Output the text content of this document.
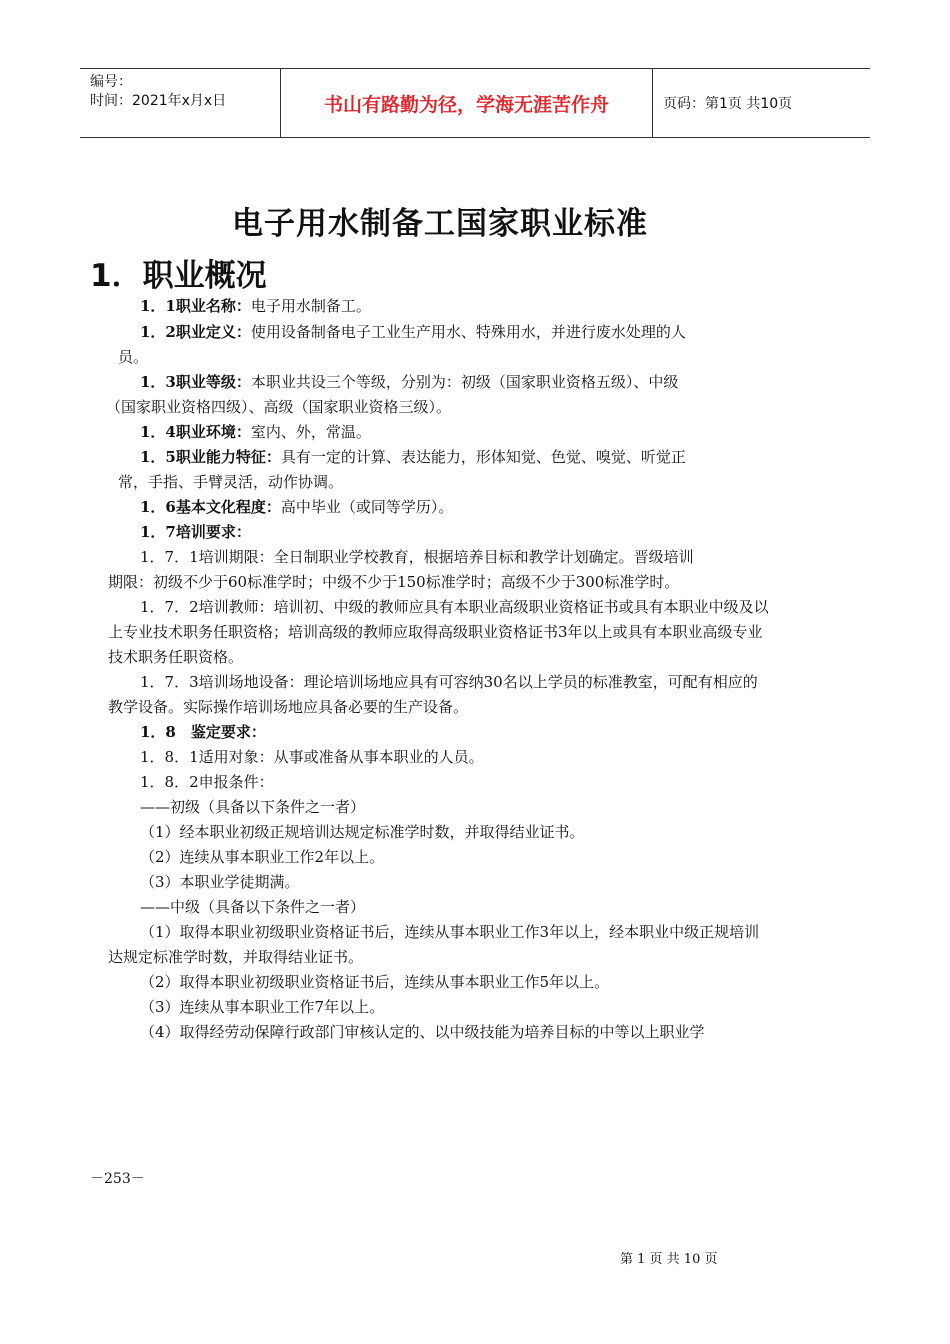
编号：
时间：2021年x月x日	书山有路勤为径，学海无涯苦作舟	页码：第1页 共10页
电子用水制备工国家职业标准
1．职业概况
1．1职业名称：电子用水制备工。
1．2职业定义：使用设备制备电子工业生产用水、特殊用水，并进行废水处理的人
员。
1．3职业等级：本职业共设三个等级，分别为：初级（国家职业资格五级）、中级
（国家职业资格四级）、高级（国家职业资格三级）。
1．4职业环境：室内、外，常温。
1．5职业能力特征：具有一定的计算、表达能力，形体知觉、色觉、嗅觉、听觉正
常，手指、手臂灵活，动作协调。
1．6基本文化程度：高中毕业（或同等学历）。
1．7培训要求：
1．7．1培训期限：全日制职业学校教育，根据培养目标和教学计划确定。晋级培训
期限：初级不少于60标准学时；中级不少于150标准学时；高级不少于300标准学时。
1．7．2培训教师：培训初、中级的教师应具有本职业高级职业资格证书或具有本职业中级及以
上专业技术职务任职资格；培训高级的教师应取得高级职业资格证书3年以上或具有本职业高级专业
技术职务任职资格。
1．7．3培训场地设备：理论培训场地应具有可容纳30名以上学员的标准教室，可配有相应的
教学设备。实际操作培训场地应具备必要的生产设备。
1．8　鉴定要求：
1．8．1适用对象：从事或准备从事本职业的人员。
1．8．2申报条件：
——初级（具备以下条件之一者）
（1）经本职业初级正规培训达规定标准学时数，并取得结业证书。
（2）连续从事本职业工作2年以上。
（3）本职业学徒期满。
——中级（具备以下条件之一者）
（1）取得本职业初级职业资格证书后，连续从事本职业工作3年以上，经本职业中级正规培训
达规定标准学时数，并取得结业证书。
（2）取得本职业初级职业资格证书后，连续从事本职业工作5年以上。
（3）连续从事本职业工作7年以上。
（4）取得经劳动保障行政部门审核认定的、以中级技能为培养目标的中等以上职业学
－253－
第 1 页 共 10 页
